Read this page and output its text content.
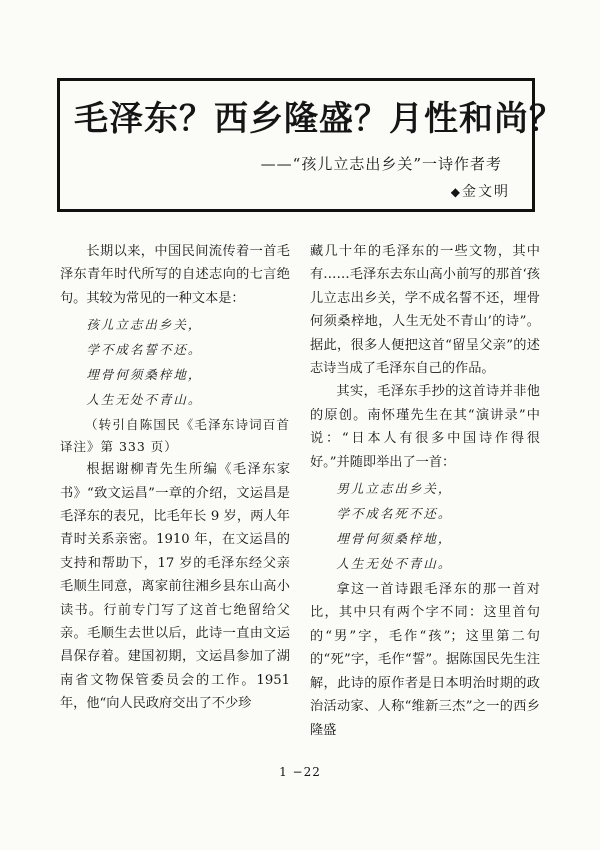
毛泽东？西乡隆盛？月性和尚？
——“孩儿立志出乡关”一诗作者考
◆金文明

长期以来，中国民间流传着一首毛泽东青年时代所写的自述志向的七言绝句。其较为常见的一种文本是：

孩儿立志出乡关，
学不成名誓不还。
埋骨何须桑梓地，
人生无处不青山。

（转引自陈国民《毛泽东诗词百首译注》第 333 页）

根据谢柳青先生所编《毛泽东家书》“致文运昌”一章的介绍，文运昌是毛泽东的表兄，比毛年长 9 岁，两人年青时关系亲密。1910 年，在文运昌的支持和帮助下，17 岁的毛泽东经父亲毛顺生同意，离家前往湘乡县东山高小读书。行前专门写了这首七绝留给父亲。毛顺生去世以后，此诗一直由文运昌保存着。建国初期，文运昌参加了湖南省文物保管委员会的工作。1951 年，他“向人民政府交出了不少珍

藏几十年的毛泽东的一些文物，其中有……毛泽东去东山高小前写的那首‘孩儿立志出乡关，学不成名誓不还，埋骨何须桑梓地，人生无处不青山’的诗”。据此，很多人便把这首“留呈父亲”的述志诗当成了毛泽东自己的作品。

其实，毛泽东手抄的这首诗并非他的原创。南怀瑾先生在其“演讲录”中说：“日本人有很多中国诗作得很好。”并随即举出了一首：

男儿立志出乡关，
学不成名死不还。
埋骨何须桑梓地，
人生无处不青山。

拿这一首诗跟毛泽东的那一首对比，其中只有两个字不同：这里首句的“男”字，毛作“孩”；这里第二句的“死”字，毛作“誓”。据陈国民先生注解，此诗的原作者是日本明治时期的政治活动家、人称“维新三杰”之一的西乡隆盛

1 −22
